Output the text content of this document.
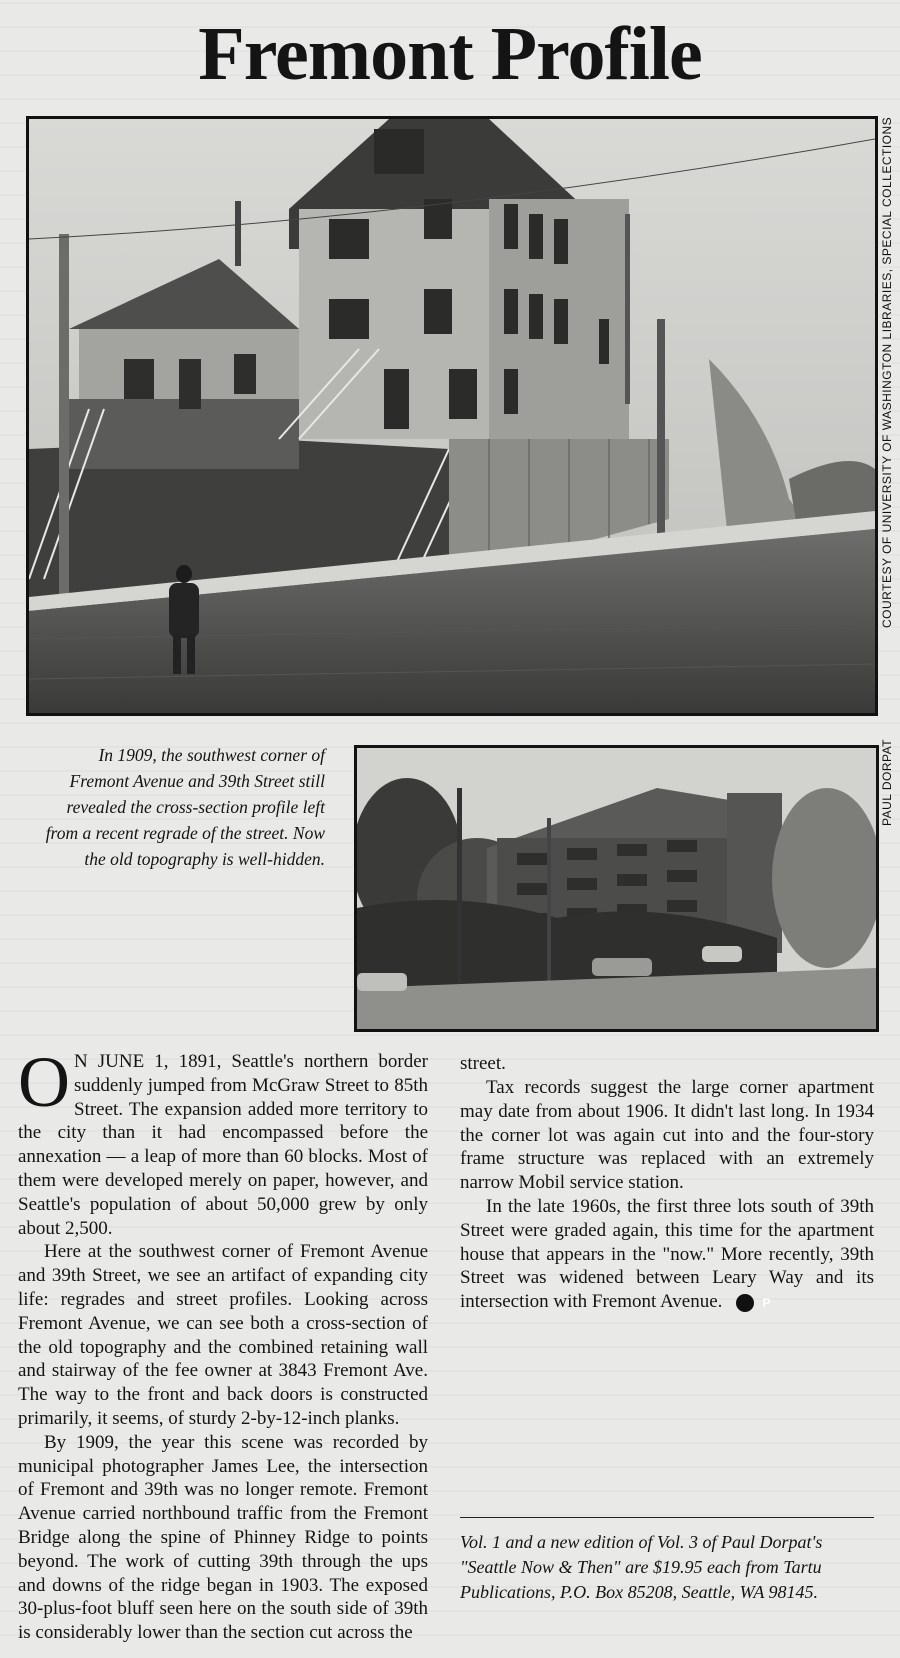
Fremont Profile
COURTESY OF UNIVERSITY OF WASHINGTON LIBRARIES, SPECIAL COLLECTIONS
In 1909, the southwest corner of Fremont Avenue and 39th Street still revealed the cross-section profile left from a recent regrade of the street. Now the old topography is well-hidden.
PAUL DORPAT

O N JUNE 1, 1891, Seattle's northern border suddenly jumped from McGraw Street to 85th Street. The expansion added more territory to the city than it had encompassed before the annexation — a leap of more than 60 blocks. Most of them were developed merely on paper, however, and Seattle's population of about 50,000 grew by only about 2,500.

Here at the southwest corner of Fremont Avenue and 39th Street, we see an artifact of expanding city life: regrades and street profiles. Looking across Fremont Avenue, we can see both a cross-section of the old topography and the combined retaining wall and stairway of the fee owner at 3843 Fremont Ave. The way to the front and back doors is constructed primarily, it seems, of sturdy 2-by-12-inch planks.

By 1909, the year this scene was recorded by municipal photographer James Lee, the intersection of Fremont and 39th was no longer remote. Fremont Avenue carried northbound traffic from the Fremont Bridge along the spine of Phinney Ridge to points beyond. The work of cutting 39th through the ups and downs of the ridge began in 1903. The exposed 30-plus-foot bluff seen here on the south side of 39th is considerably lower than the section cut across the

street.

Tax records suggest the large corner apartment may date from about 1906. It didn't last long. In 1934 the corner lot was again cut into and the four-story frame structure was replaced with an extremely narrow Mobil service station.

In the late 1960s, the first three lots south of 39th Street were graded again, this time for the apartment house that appears in the "now." More recently, 39th Street was widened between Leary Way and its intersection with Fremont Avenue.	P

Vol. 1 and a new edition of Vol. 3 of Paul Dorpat's "Seattle Now & Then" are $19.95 each from Tartu Publications, P.O. Box 85208, Seattle, WA 98145.
